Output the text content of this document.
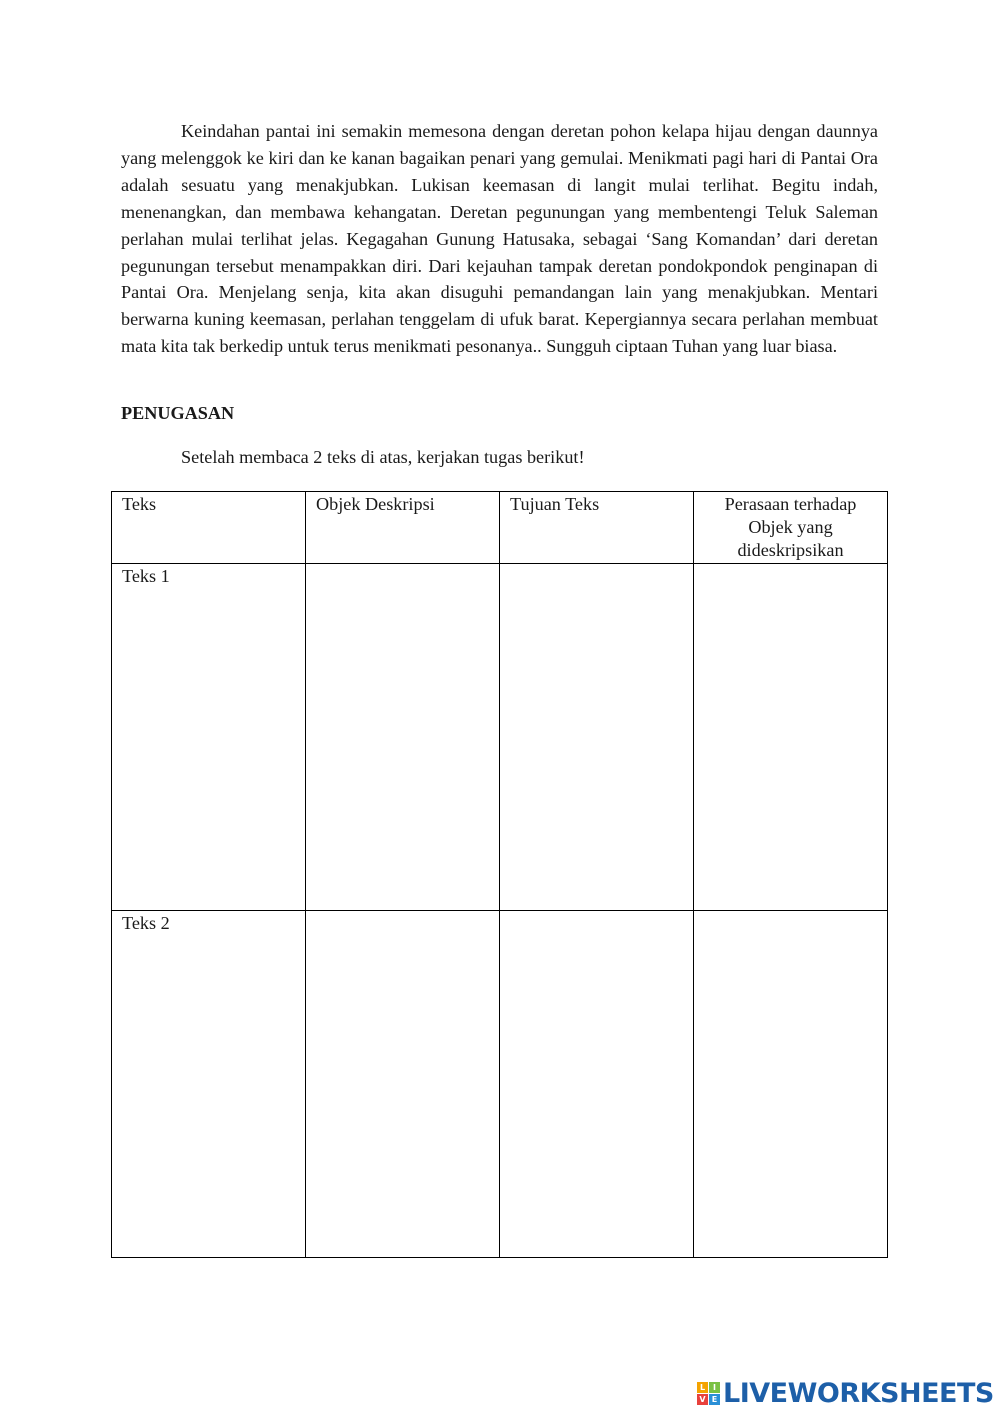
Keindahan pantai ini semakin memesona dengan deretan pohon kelapa hijau dengan daunnya yang melenggok ke kiri dan ke kanan bagaikan penari yang gemulai. Menikmati pagi hari di Pantai Ora adalah sesuatu yang menakjubkan. Lukisan keemasan di langit mulai terlihat. Begitu indah, menenangkan, dan membawa kehangatan. Deretan pegunungan yang membentengi Teluk Saleman perlahan mulai terlihat jelas. Kegagahan Gunung Hatusaka, sebagai ‘Sang Komandan’ dari deretan pegunungan tersebut menampakkan diri. Dari kejauhan tampak deretan pondokpondok penginapan di Pantai Ora. Menjelang senja, kita akan disuguhi pemandangan lain yang menakjubkan. Mentari berwarna kuning keemasan, perlahan tenggelam di ufuk barat. Kepergiannya secara perlahan membuat mata kita tak berkedip untuk terus menikmati pesonanya.. Sungguh ciptaan Tuhan yang luar biasa.

PENUGASAN

Setelah membaca 2 teks di atas, kerjakan tugas berikut!

Teks	Objek Deskripsi	Tujuan Teks	Perasaan terhadap Objek yang dideskripsikan
Teks 1			
Teks 2			
L I
V E LIVEWORKSHEETS
